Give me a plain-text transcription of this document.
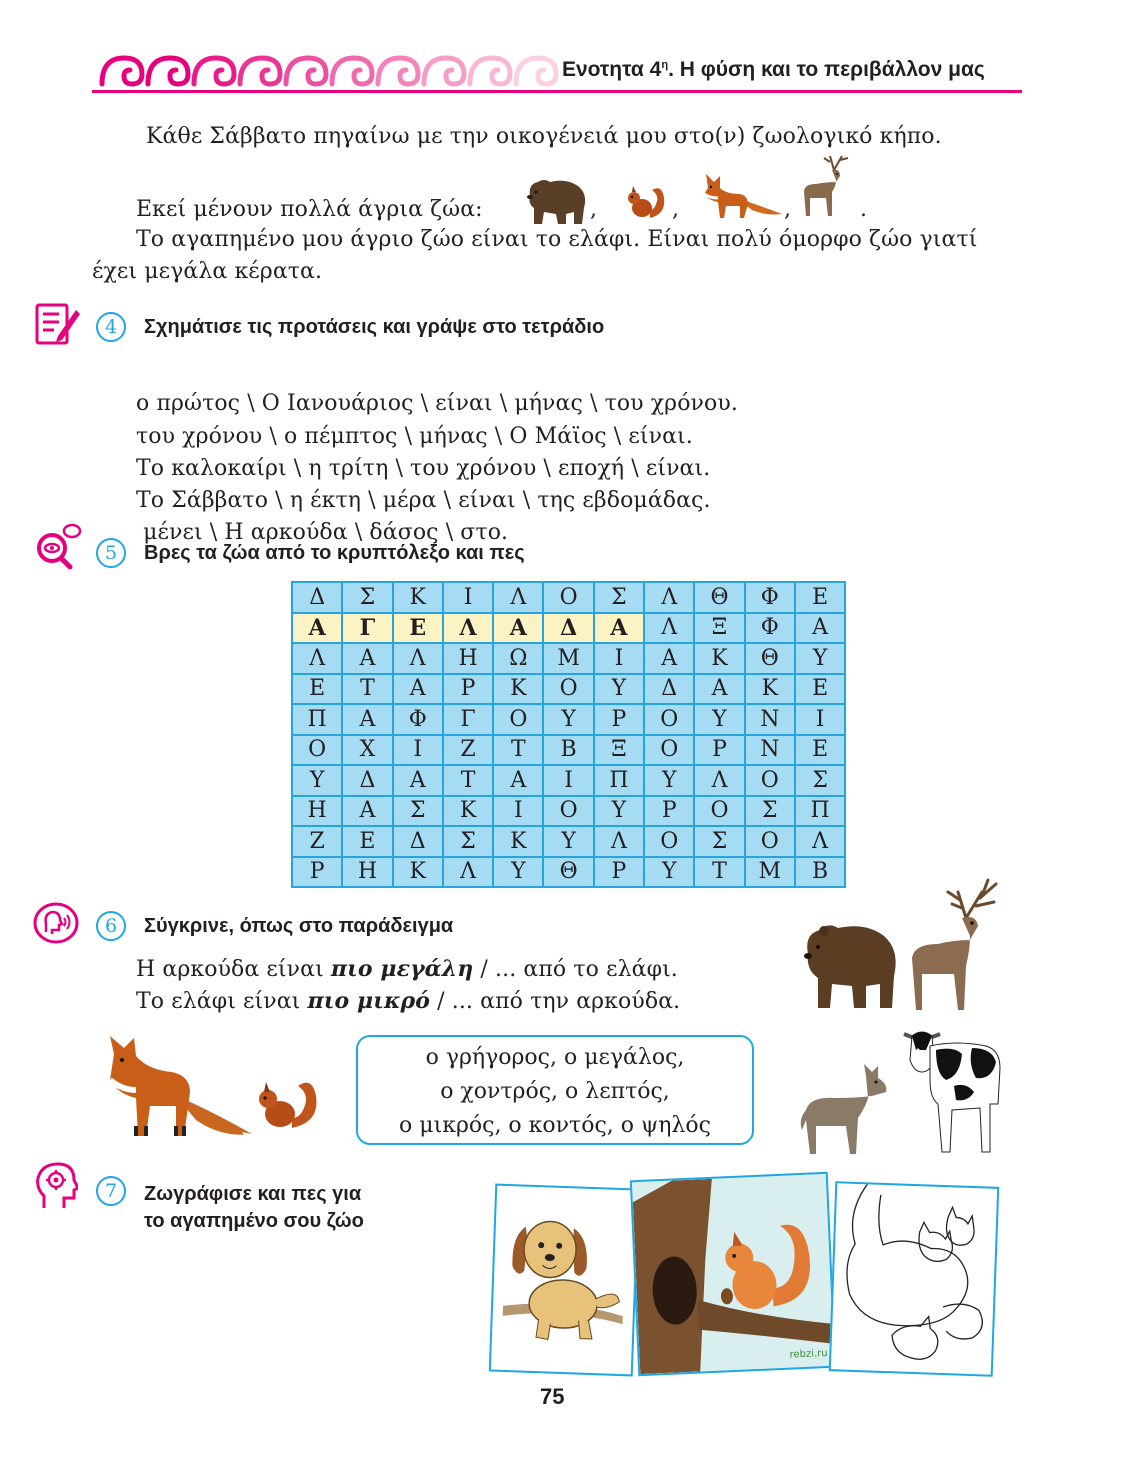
Ενοτητα $4^\eta$. Η φύση και το περιβάλλον μας
Κάθε Σάββατο πηγαίνω με την οικογένειά μου στο(ν) ζωολογικό κήπο.
Εκεί μένουν πολλά άγρια ζώα:	,	,	,	.
Το αγαπημένο μου άγριο ζώο είναι το ελάφι. Είναι πολύ όμορφο ζώο γιατί
έχει μεγάλα κέρατα.
4	Σχημάτισε τις προτάσεις και γράψε στο τετράδιο

ο πρώτος \ Ο Ιανουάριος \ είναι \ μήνας \ του χρόνου.
του χρόνου \ ο πέμπτος \ μήνας \ Ο Μάϊος \ είναι.
Το καλοκαίρι \ η τρίτη \ του χρόνου \ εποχή \ είναι.
Το Σάββατο \ η έκτη \ μέρα \ είναι \ της εβδομάδας.
μένει \ Η αρκούδα \ δάσος \ στο.

5	Βρες τα ζώα από το κρυπτόλεξο και πες
Δ	Σ	Κ	Ι	Λ	Ο	Σ	Λ	Θ	Φ	Ε
Α	Γ	Ε	Λ	Α	Δ	Α	Λ	Ξ	Φ	Α
Λ	Α	Λ	Η	Ω	Μ	Ι	Α	Κ	Θ	Υ
Ε	Τ	Α	Ρ	Κ	Ο	Υ	Δ	Α	Κ	Ε
Π	Α	Φ	Γ	Ο	Υ	Ρ	Ο	Υ	Ν	Ι
Ο	Χ	Ι	Ζ	Τ	Β	Ξ	Ο	Ρ	Ν	Ε
Υ	Δ	Α	Τ	Α	Ι	Π	Υ	Λ	Ο	Σ
Η	Α	Σ	Κ	Ι	Ο	Υ	Ρ	Ο	Σ	Π
Ζ	Ε	Δ	Σ	Κ	Υ	Λ	Ο	Σ	Ο	Λ
Ρ	Η	Κ	Λ	Υ	Θ	Ρ	Υ	Τ	Μ	Β
6	Σύγκρινε, όπως στο παράδειγμα
Η αρκούδα είναι πιο μεγάλη / ... από το ελάφι.
Το ελάφι είναι πιο μικρό / ... από την αρκούδα.
ο γρήγορος, ο μεγάλος,
ο χοντρός, ο λεπτός,
ο μικρός, ο κοντός, ο ψηλός
7	Ζωγράφισε και πες για
το αγαπημένο σου ζώο
rebzi.ru
75
